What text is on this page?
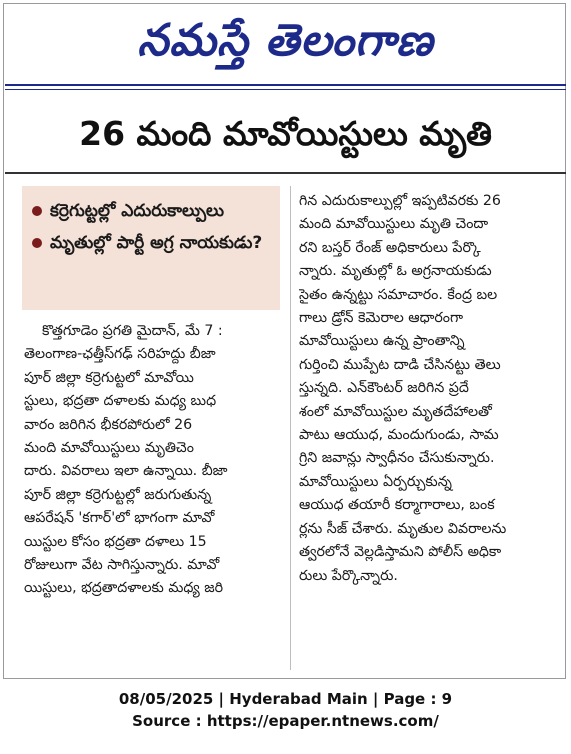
నమస్తే తెలంగాణ
26 మంది మావోయిస్టులు మృతి
కర్రెగుట్టల్లో ఎదురుకాల్పులు
మృతుల్లో పార్టీ అగ్ర నాయకుడు?
కొత్తగూడెం ప్రగతి మైదాన్, మే 7 :
తెలంగాణ-ఛత్తీస్‌గఢ్ సరిహద్దు బీజా
పూర్ జిల్లా కర్రెగుట్టలో మావోయి
స్టులు, భద్రతా దళాలకు మధ్య బుధ
వారం జరిగిన భీకరపోరులో 26
మంది మావోయిస్టులు మృతిచెం
దారు. వివరాలు ఇలా ఉన్నాయి. బీజా
పూర్ జిల్లా కర్రెగుట్టల్లో జరుగుతున్న
ఆపరేషన్ 'కగార్'లో భాగంగా మావో
యిస్టుల కోసం భద్రతా దళాలు 15
రోజులుగా వేట సాగిస్తున్నారు. మావో
యిస్టులు, భద్రతాదళాలకు మధ్య జరి
గిన ఎదురుకాల్పుల్లో ఇప్పటివరకు 26
మంది మావోయిస్టులు మృతి చెందా
రని బస్తర్ రేంజ్ అధికారులు పేర్కొ
న్నారు. మృతుల్లో ఓ అగ్రనాయకుడు
సైతం ఉన్నట్టు సమాచారం. కేంద్ర బల
గాలు డ్రోన్ కెమెరాల ఆధారంగా
మావోయిస్టులు ఉన్న ప్రాంతాన్ని
గుర్తించి ముప్పేట దాడి చేసినట్టు తెలు
స్తున్నది. ఎన్‌కౌంటర్ జరిగిన ప్రదే
శంలో మావోయిస్టుల మృతదేహాలతో
పాటు ఆయుధ, మందుగుండు, సామ
గ్రిని జవాన్లు స్వాధీనం చేసుకున్నారు.
మావోయిస్టులు ఏర్పర్చుకున్న
ఆయుధ తయారీ కర్మాగారాలు, బంక
ర్లను సీజ్ చేశారు. మృతుల వివరాలను
త్వరలోనే వెల్లడిస్తామని పోలీస్ అధికా
రులు పేర్కొన్నారు.
08/05/2025 | Hyderabad Main | Page : 9
Source : https://epaper.ntnews.com/
